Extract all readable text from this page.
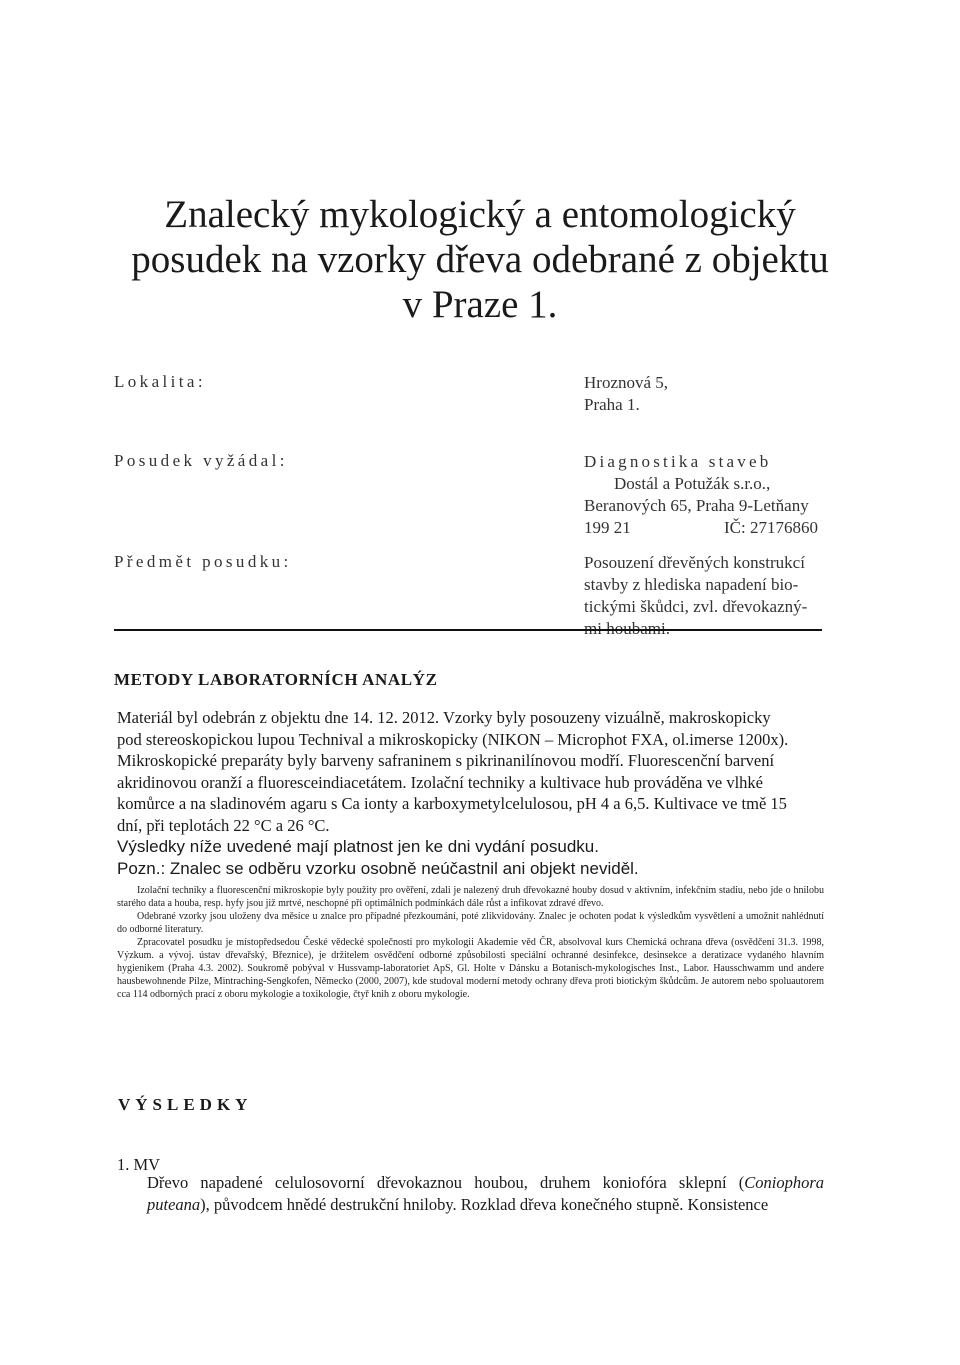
Znalecký mykologický a entomologický
posudek na vzorky dřeva odebrané z objektu
v Praze 1.
Lokalita:	Hroznová 5,
Praha 1.
Posudek vyžádal:	Diagnostika staveb
Dostál a Potužák s.r.o.,
Beranových 65, Praha 9-Letňany
199 21	IČ: 27176860
Předmět posudku:	Posouzení dřevěných konstrukcí
stavby z hlediska napadení bio-
tickými škůdci, zvl. dřevokazný-
mi houbami.
METODY LABORATORNÍCH ANALÝZ
Materiál byl odebrán z objektu dne 14. 12. 2012. Vzorky byly posouzeny vizuálně, makroskopicky
pod stereoskopickou lupou Technival a mikroskopicky (NIKON – Microphot FXA, ol.imerse 1200x).
Mikroskopické preparáty byly barveny safraninem s pikrinanilínovou modří. Fluorescenční barvení
akridinovou oranží a fluoresceindiacetátem. Izolační techniky a kultivace hub prováděna ve vlhké
komůrce a na sladinovém agaru s Ca ionty a karboxymetylcelulosou, pH 4 a 6,5. Kultivace ve tmě 15
dní, při teplotách 22 °C a 26 °C.
Výsledky níže uvedené mají platnost jen ke dni vydání posudku.
Pozn.: Znalec se odběru vzorku osobně neúčastnil ani objekt neviděl.

Izolační techniky a fluorescenční mikroskopie byly použity pro ověření, zdali je nalezený druh dřevokazné houby dosud v aktivním, infekčním stadiu, nebo jde o hnilobu starého data a houba, resp. hyfy jsou již mrtvé, neschopné při optimálních podmínkách dále růst a infikovat zdravé dřevo.

Odebrané vzorky jsou uloženy dva měsíce u znalce pro případné přezkoumání, poté zlikvidovány. Znalec je ochoten podat k výsledkům vysvětlení a umožnit nahlédnutí do odborné literatury.

Zpracovatel posudku je místopředsedou České vědecké společnosti pro mykologii Akademie věd ČR, absolvoval kurs Chemická ochrana dřeva (osvědčení 31.3. 1998, Výzkum. a vývoj. ústav dřevařský, Březnice), je držitelem osvědčení odborné způsobilosti speciální ochranné desinfekce, desinsekce a deratizace vydaného hlavním hygienikem (Praha 4.3. 2002). Soukromě pobýval v Hussvamp-laboratoriet ApS, Gl. Holte v Dánsku a Botanisch-mykologisches Inst., Labor. Hausschwamm und andere hausbewohnende Pilze, Mintraching-Sengkofen, Německo (2000, 2007), kde studoval moderní metody ochrany dřeva proti biotickým škůdcům. Je autorem nebo spoluautorem cca 114 odborných prací z oboru mykologie a toxikologie, čtyř knih z oboru mykologie.

VÝSLEDKY
1. MV
Dřevo napadené celulosovorní dřevokaznou houbou, druhem koniofóra sklepní (Coniophora puteana), původcem hnědé destrukční hniloby. Rozklad dřeva konečného stupně. Konsistence
